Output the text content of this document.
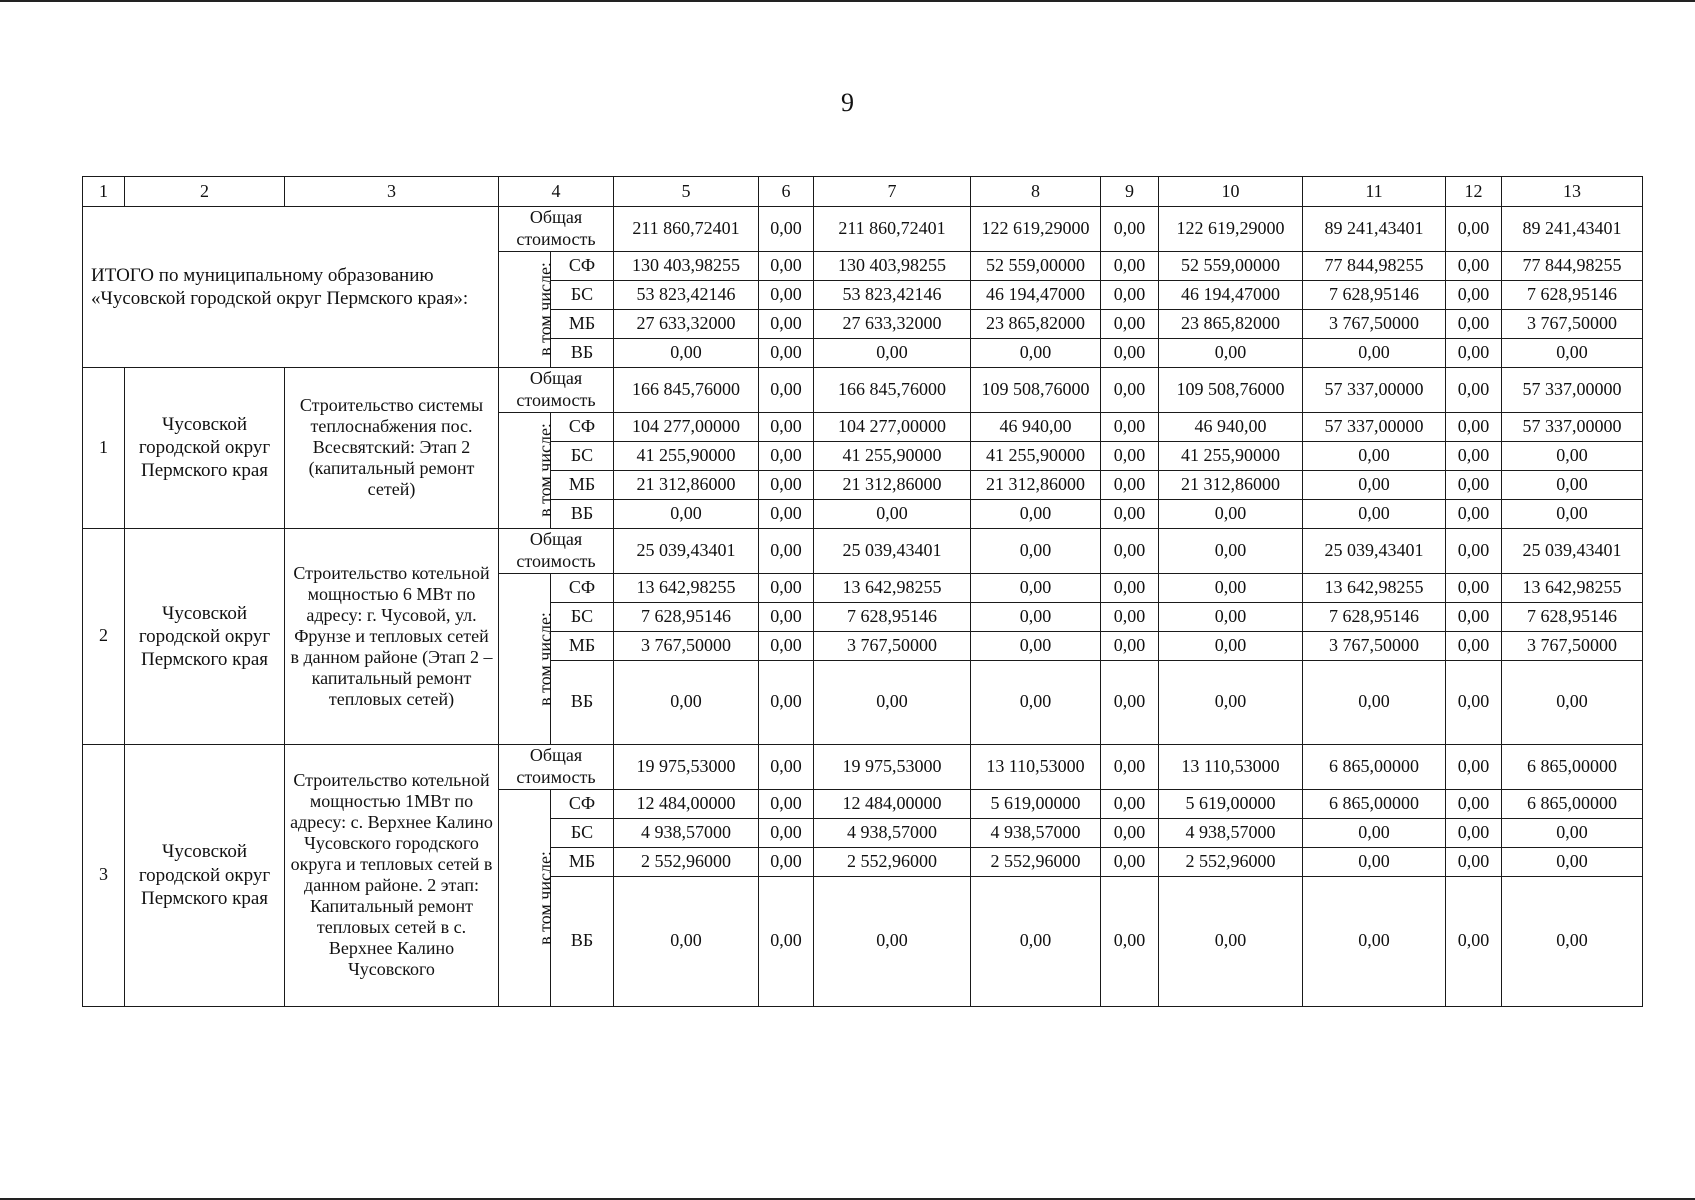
9
1	2	3	4		5	6	7	8	9	10	11	12	13
ИТОГО по муниципальному образованию «Чусовской городской округ Пермского края»:			Общая стоимость		211 860,72401	0,00	211 860,72401	122 619,29000	0,00	122 619,29000	89 241,43401	0,00	89 241,43401
			в том числе:	СФ	130 403,98255	0,00	130 403,98255	52 559,00000	0,00	52 559,00000	77 844,98255	0,00	77 844,98255
				БС	53 823,42146	0,00	53 823,42146	46 194,47000	0,00	46 194,47000	7 628,95146	0,00	7 628,95146
				МБ	27 633,32000	0,00	27 633,32000	23 865,82000	0,00	23 865,82000	3 767,50000	0,00	3 767,50000
				ВБ	0,00	0,00	0,00	0,00	0,00	0,00	0,00	0,00	0,00
1	Чусовской городской округ Пермского края	Строительство системы теплоснабжения пос. Всесвятский: Этап 2 (капитальный ремонт сетей)	Общая стоимость		166 845,76000	0,00	166 845,76000	109 508,76000	0,00	109 508,76000	57 337,00000	0,00	57 337,00000
			в том числе:	СФ	104 277,00000	0,00	104 277,00000	46 940,00	0,00	46 940,00	57 337,00000	0,00	57 337,00000
				БС	41 255,90000	0,00	41 255,90000	41 255,90000	0,00	41 255,90000	0,00	0,00	0,00
				МБ	21 312,86000	0,00	21 312,86000	21 312,86000	0,00	21 312,86000	0,00	0,00	0,00
				ВБ	0,00	0,00	0,00	0,00	0,00	0,00	0,00	0,00	0,00
2	Чусовской городской округ Пермского края	Строительство котельной мощностью 6 МВт по адресу: г. Чусовой, ул. Фрунзе и тепловых сетей в данном районе (Этап 2 – капитальный ремонт тепловых сетей)	Общая стоимость		25 039,43401	0,00	25 039,43401	0,00	0,00	0,00	25 039,43401	0,00	25 039,43401
			в том числе:	СФ	13 642,98255	0,00	13 642,98255	0,00	0,00	0,00	13 642,98255	0,00	13 642,98255
				БС	7 628,95146	0,00	7 628,95146	0,00	0,00	0,00	7 628,95146	0,00	7 628,95146
				МБ	3 767,50000	0,00	3 767,50000	0,00	0,00	0,00	3 767,50000	0,00	3 767,50000
				ВБ	0,00	0,00	0,00	0,00	0,00	0,00	0,00	0,00	0,00
3	Чусовской городской округ Пермского края	Строительство котельной мощностью 1МВт по адресу: с. Верхнее Калино Чусовского городского округа и тепловых сетей в данном районе. 2 этап: Капитальный ремонт тепловых сетей в с. Верхнее Калино Чусовского	Общая стоимость		19 975,53000	0,00	19 975,53000	13 110,53000	0,00	13 110,53000	6 865,00000	0,00	6 865,00000
			в том числе:	СФ	12 484,00000	0,00	12 484,00000	5 619,00000	0,00	5 619,00000	6 865,00000	0,00	6 865,00000
				БС	4 938,57000	0,00	4 938,57000	4 938,57000	0,00	4 938,57000	0,00	0,00	0,00
				МБ	2 552,96000	0,00	2 552,96000	2 552,96000	0,00	2 552,96000	0,00	0,00	0,00
				ВБ	0,00	0,00	0,00	0,00	0,00	0,00	0,00	0,00	0,00
